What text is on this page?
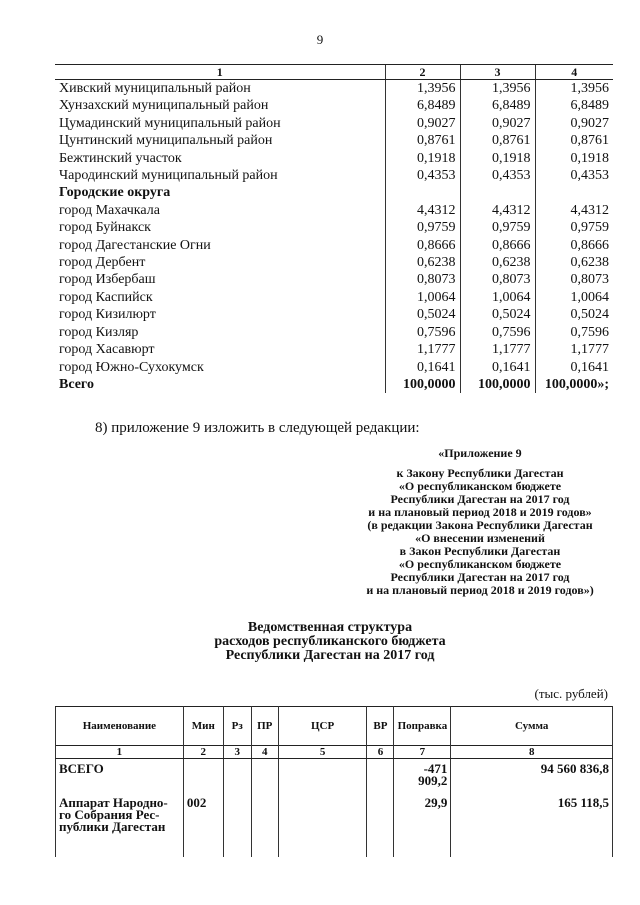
9
1	2	3	4
Хивский муниципальный район	1,3956	1,3956	1,3956
Хунзахский муниципальный район	6,8489	6,8489	6,8489
Цумадинский муниципальный район	0,9027	0,9027	0,9027
Цунтинский муниципальный район	0,8761	0,8761	0,8761
Бежтинский участок	0,1918	0,1918	0,1918
Чародинский муниципальный район	0,4353	0,4353	0,4353
Городские округа			
город Махачкала	4,4312	4,4312	4,4312
город Буйнакск	0,9759	0,9759	0,9759
город Дагестанские Огни	0,8666	0,8666	0,8666
город Дербент	0,6238	0,6238	0,6238
город Избербаш	0,8073	0,8073	0,8073
город Каспийск	1,0064	1,0064	1,0064
город Кизилюрт	0,5024	0,5024	0,5024
город Кизляр	0,7596	0,7596	0,7596
город Хасавюрт	1,1777	1,1777	1,1777
город Южно-Сухокумск	0,1641	0,1641	0,1641
Всего	100,0000	100,0000	100,0000»;
8) приложение 9 изложить в следующей редакции:
«Приложение 9
к Закону Республики Дагестан
«О республиканском бюджете
Республики Дагестан на 2017 год
и на плановый период 2018 и 2019 годов»
(в редакции Закона Республики Дагестан
«О внесении изменений
в Закон Республики Дагестан
«О республиканском бюджете
Республики Дагестан на 2017 год
и на плановый период 2018 и 2019 годов»)
Ведомственная структура
расходов республиканского бюджета
Республики Дагестан на 2017 год
(тыс. рублей)
Наименование	Мин	Рз	ПР	ЦСР	ВР	Поправка	Сумма
1	2	3	4	5	6	7	8
ВСЕГО						-471 909,2	94 560 836,8
Аппарат Народно-го Собрания Рес-публики Дагестан	002					29,9	165 118,5
